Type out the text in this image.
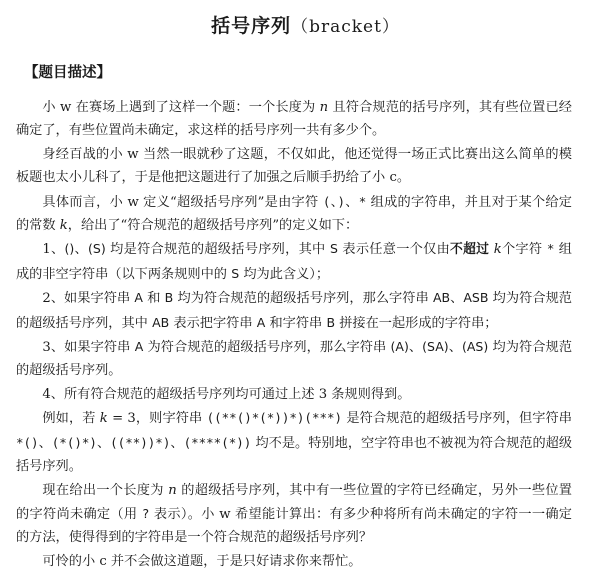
括号序列（bracket）
【题目描述】

小 w 在赛场上遇到了这样一个题：一个长度为 n 且符合规范的括号序列，其有些位置已经确定了，有些位置尚未确定，求这样的括号序列一共有多少个。

身经百战的小 w 当然一眼就秒了这题，不仅如此，他还觉得一场正式比赛出这么简单的模板题也太小儿科了，于是他把这题进行了加强之后顺手扔给了小 c。

具体而言，小 w 定义“超级括号序列”是由字符 (、)、* 组成的字符串，并且对于某个给定的常数 k，给出了“符合规范的超级括号序列”的定义如下：

1、()、(S) 均是符合规范的超级括号序列，其中 S 表示任意一个仅由不超过 k个字符 * 组成的非空字符串（以下两条规则中的 S 均为此含义）；

2、如果字符串 A 和 B 均为符合规范的超级括号序列，那么字符串 AB、ASB 均为符合规范的超级括号序列，其中 AB 表示把字符串 A 和字符串 B 拼接在一起形成的字符串；

3、如果字符串 A 为符合规范的超级括号序列，那么字符串 (A)、(SA)、(AS) 均为符合规范的超级括号序列。

4、所有符合规范的超级括号序列均可通过上述 3 条规则得到。

例如，若 k = 3，则字符串 ((**()*(*))*)(***) 是符合规范的超级括号序列，但字符串 *()、(*()*)、((**))*)、(****(*)) 均不是。特别地，空字符串也不被视为符合规范的超级括号序列。

现在给出一个长度为 n 的超级括号序列，其中有一些位置的字符已经确定，另外一些位置的字符尚未确定（用 ? 表示）。小 w 希望能计算出：有多少种将所有尚未确定的字符一一确定的方法，使得得到的字符串是一个符合规范的超级括号序列？

可怜的小 c 并不会做这道题，于是只好请求你来帮忙。
